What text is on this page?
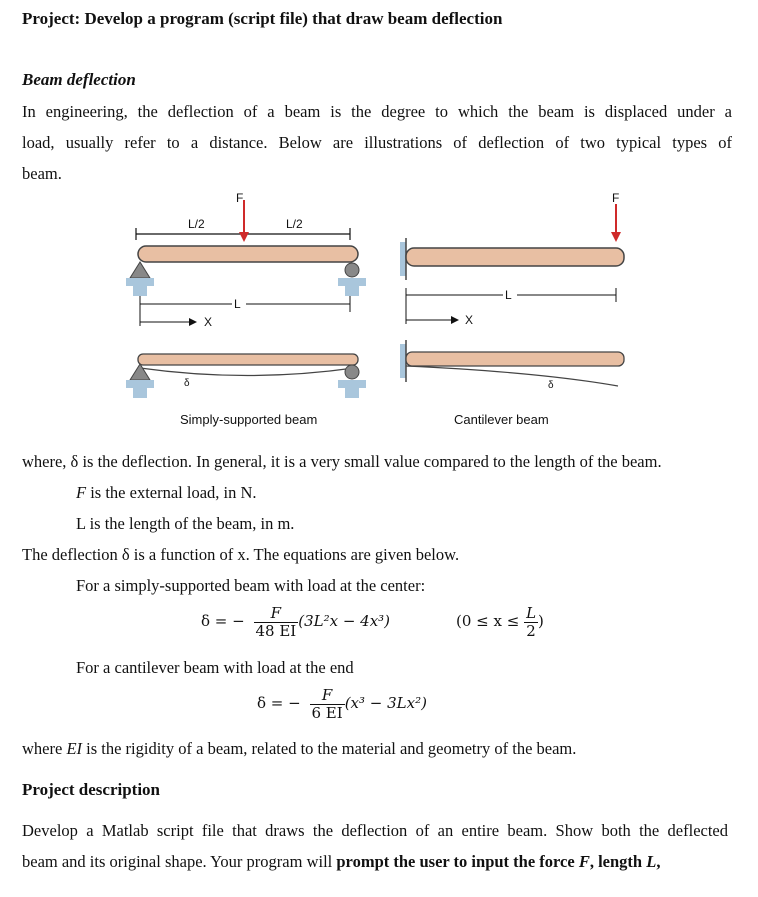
Project: Develop a program (script file) that draw beam deflection
Beam deflection
In engineering, the deflection of a beam is the degree to which the beam is displaced under a
load, usually refer to a distance. Below are illustrations of deflection of two typical types of
beam.
L/2	L/2
F
L
X
δ
Simply-supported beam
F
L
X
δ
Cantilever beam
where, δ is the deflection. In general, it is a very small value compared to the length of the beam.
F is the external load, in N.
L is the length of the beam, in m.
The deflection δ is a function of x. The equations are given below.
For a simply-supported beam with load at the center:
δ = − $\frac{F}{48 EI} (3L^2x - 4x^3)$	($0 \le x \le \frac{L}{2}$ )
For a cantilever beam with load at the end
δ = − $\frac{F}{6 EI} (x^3 - 3Lx^2)$
where EI is the rigidity of a beam, related to the material and geometry of the beam.
Project description
Develop a Matlab script file that draws the deflection of an entire beam. Show both the deflected
beam and its original shape. Your program will prompt the user to input the force F, length L,
